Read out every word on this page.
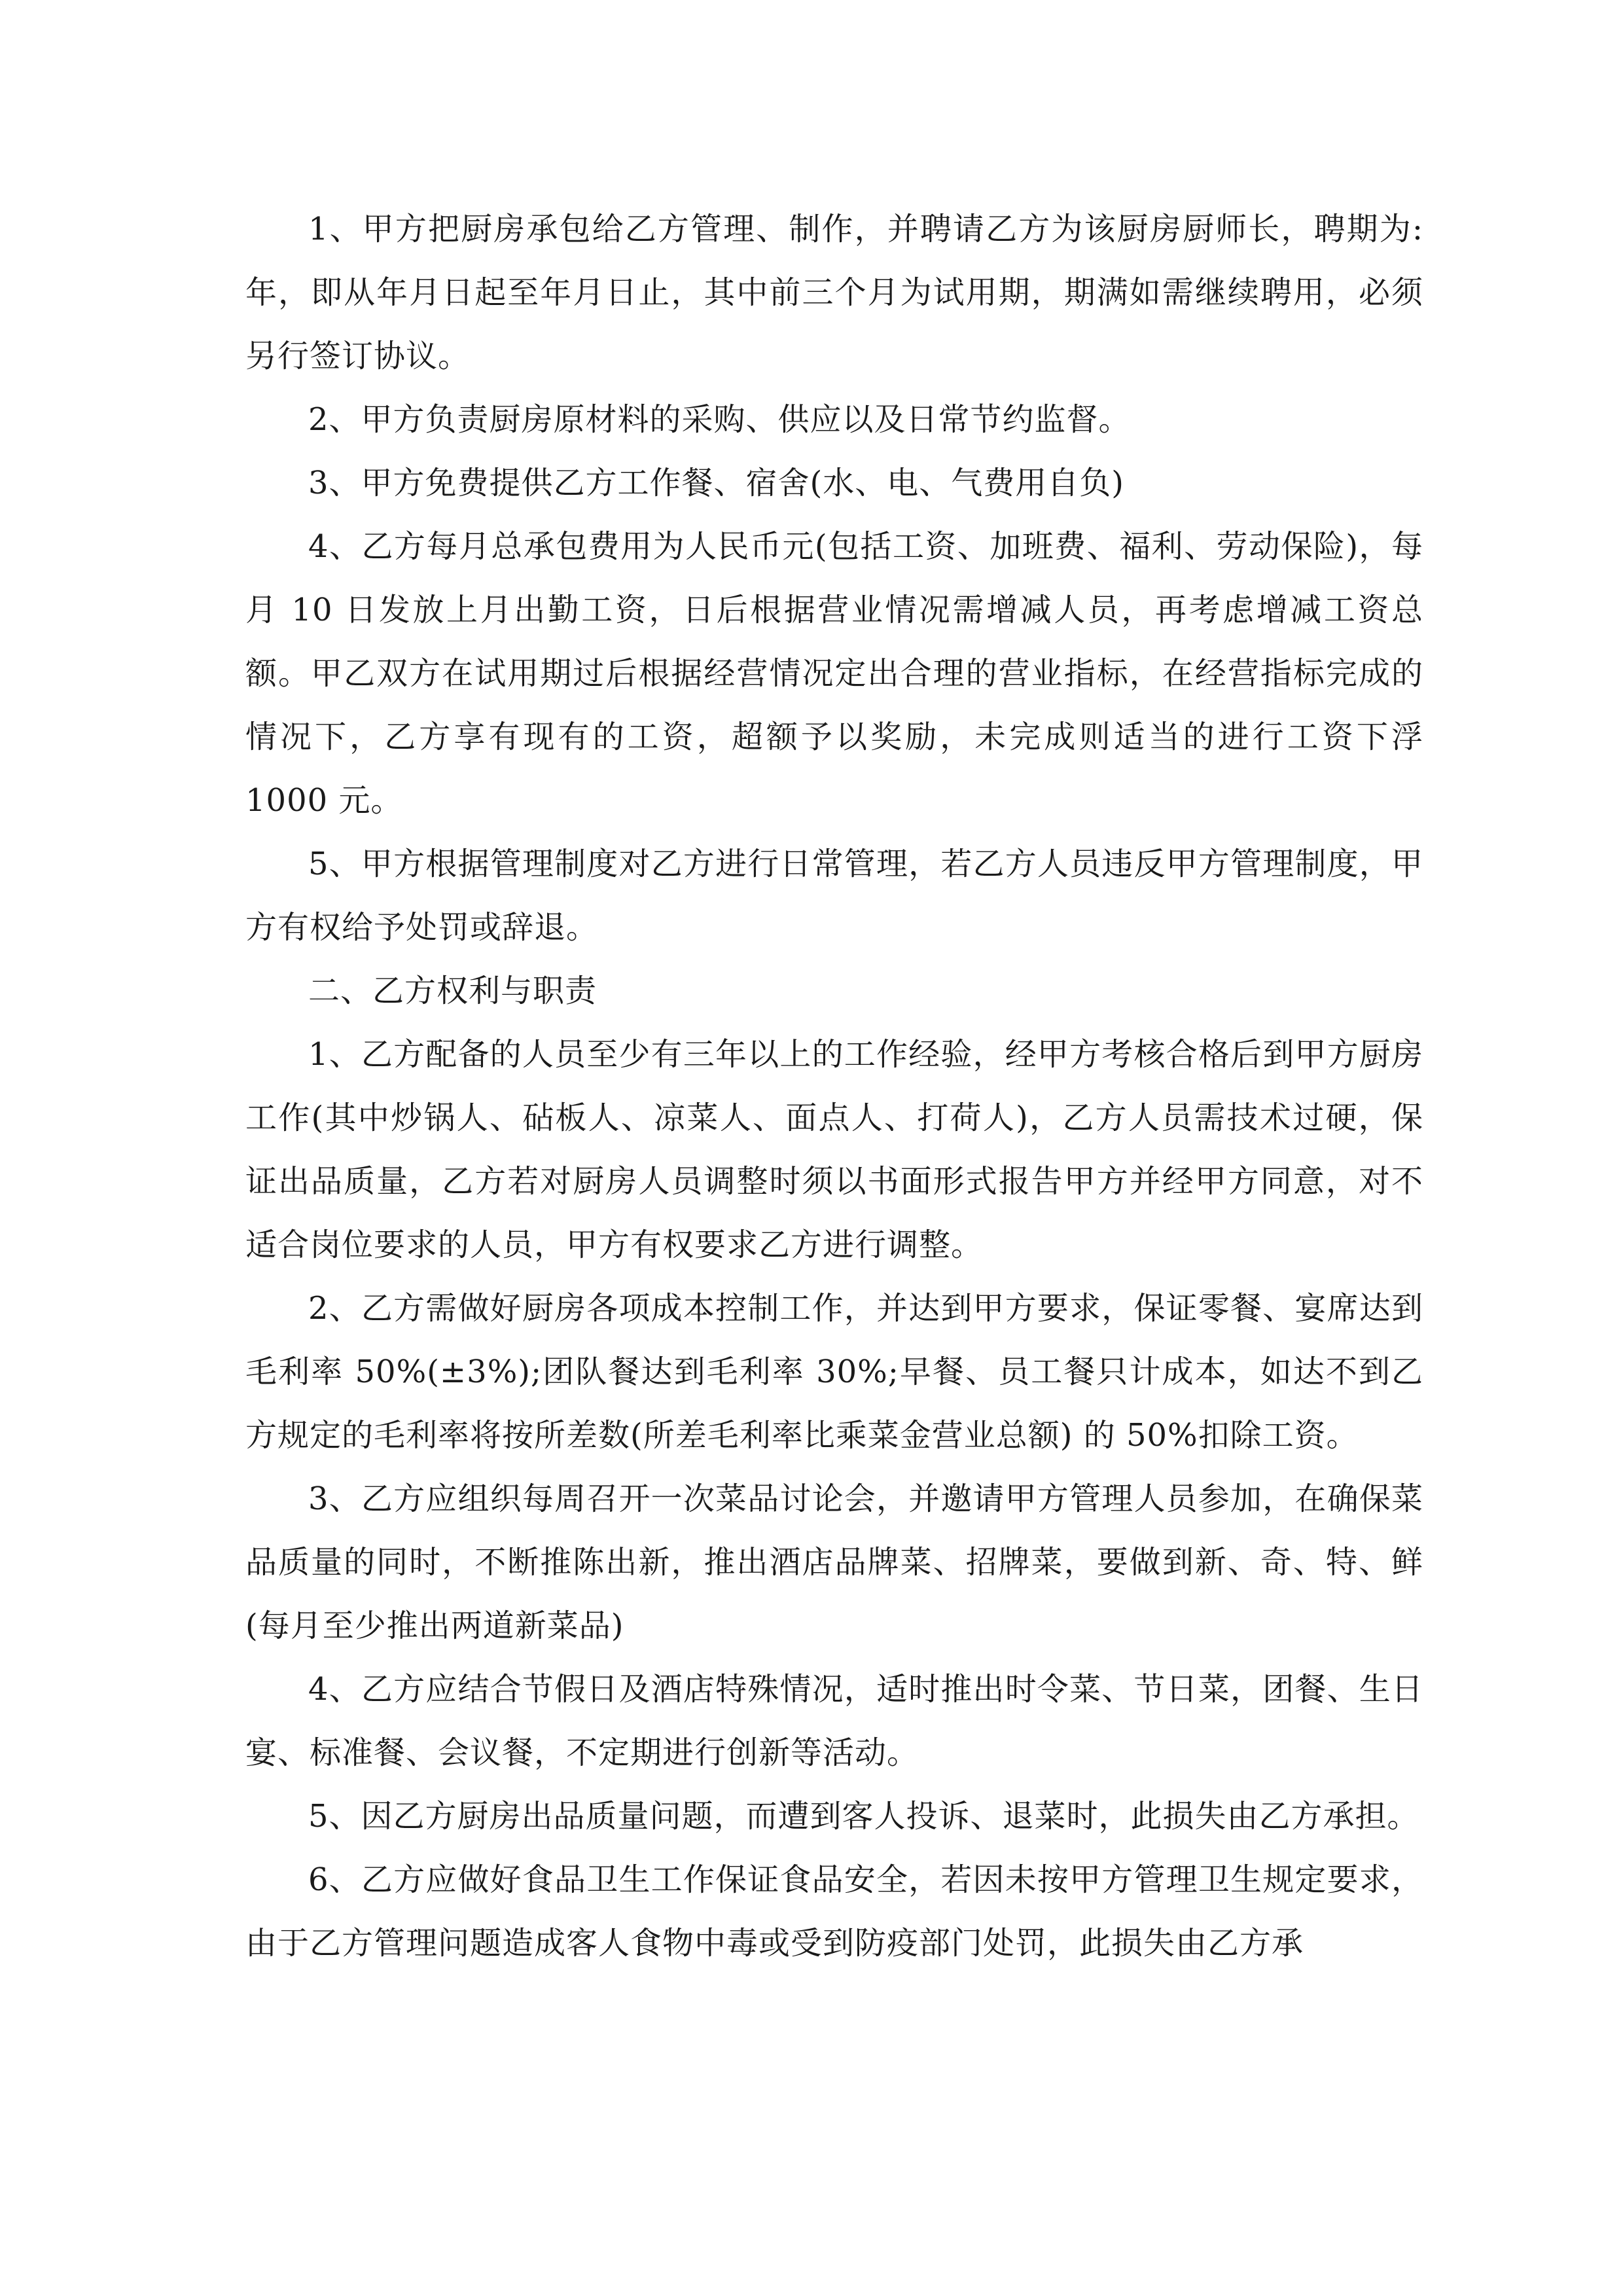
1、甲方把厨房承包给乙方管理、制作，并聘请乙方为该厨房厨师长，聘期为: 年，即从年月日起至年月日止，其中前三个月为试用期，期满如需继续聘用，必须另行签订协议。

2、甲方负责厨房原材料的采购、供应以及日常节约监督。

3、甲方免费提供乙方工作餐、宿舍(水、电、气费用自负)

4、乙方每月总承包费用为人民币元(包括工资、加班费、福利、劳动保险)，每月 10 日发放上月出勤工资，日后根据营业情况需增减人员，再考虑增减工资总额。甲乙双方在试用期过后根据经营情况定出合理的营业指标，在经营指标完成的情况下，乙方享有现有的工资，超额予以奖励，未完成则适当的进行工资下浮 1000 元。

5、甲方根据管理制度对乙方进行日常管理，若乙方人员违反甲方管理制度，甲方有权给予处罚或辞退。

二、乙方权利与职责

1、乙方配备的人员至少有三年以上的工作经验，经甲方考核合格后到甲方厨房工作(其中炒锅人、砧板人、凉菜人、面点人、打荷人)，乙方人员需技术过硬，保证出品质量，乙方若对厨房人员调整时须以书面形式报告甲方并经甲方同意，对不适合岗位要求的人员，甲方有权要求乙方进行调整。

2、乙方需做好厨房各项成本控制工作，并达到甲方要求，保证零餐、宴席达到毛利率 50%(±3%);团队餐达到毛利率 30%;早餐、员工餐只计成本，如达不到乙方规定的毛利率将按所差数(所差毛利率比乘菜金营业总额) 的 50%扣除工资。

3、乙方应组织每周召开一次菜品讨论会，并邀请甲方管理人员参加，在确保菜品质量的同时，不断推陈出新，推出酒店品牌菜、招牌菜，要做到新、奇、特、鲜(每月至少推出两道新菜品)

4、乙方应结合节假日及酒店特殊情况，适时推出时令菜、节日菜，团餐、生日宴、标准餐、会议餐，不定期进行创新等活动。

5、因乙方厨房出品质量问题，而遭到客人投诉、退菜时，此损失由乙方承担。

6、乙方应做好食品卫生工作保证食品安全，若因未按甲方管理卫生规定要求，由于乙方管理问题造成客人食物中毒或受到防疫部门处罚，此损失由乙方承
